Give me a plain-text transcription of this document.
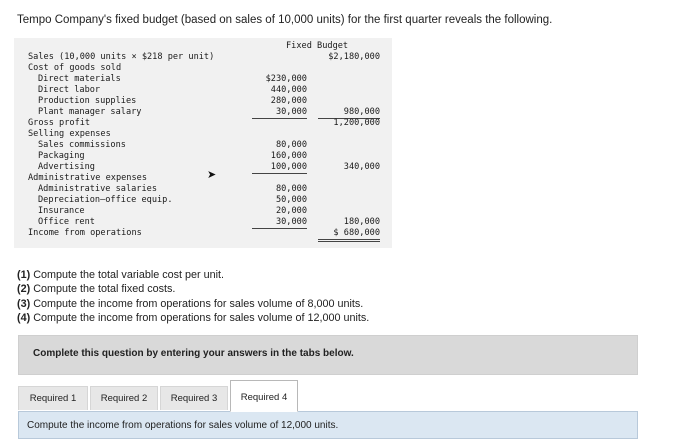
Tempo Company's fixed budget (based on sales of 10,000 units) for the first quarter reveals the following.
Fixed Budget
Sales (10,000 units × $218 per unit)	$2,180,000
Cost of goods sold
Direct materials	$230,000
Direct labor	440,000
Production supplies	280,000
Plant manager salary	30,000	980,000
Gross profit	1,200,000
Selling expenses
Sales commissions	80,000
Packaging	160,000
Advertising	100,000	340,000
Administrative expenses
Administrative salaries	80,000
Depreciation—office equip.	50,000
Insurance	20,000
Office rent	30,000	180,000
Income from operations	$ 680,000
➤
(1) Compute the total variable cost per unit.
(2) Compute the total fixed costs.
(3) Compute the income from operations for sales volume of 8,000 units.
(4) Compute the income from operations for sales volume of 12,000 units.
Complete this question by entering your answers in the tabs below.
Required 1	Required 2	Required 3	Required 4
Compute the income from operations for sales volume of 12,000 units.
